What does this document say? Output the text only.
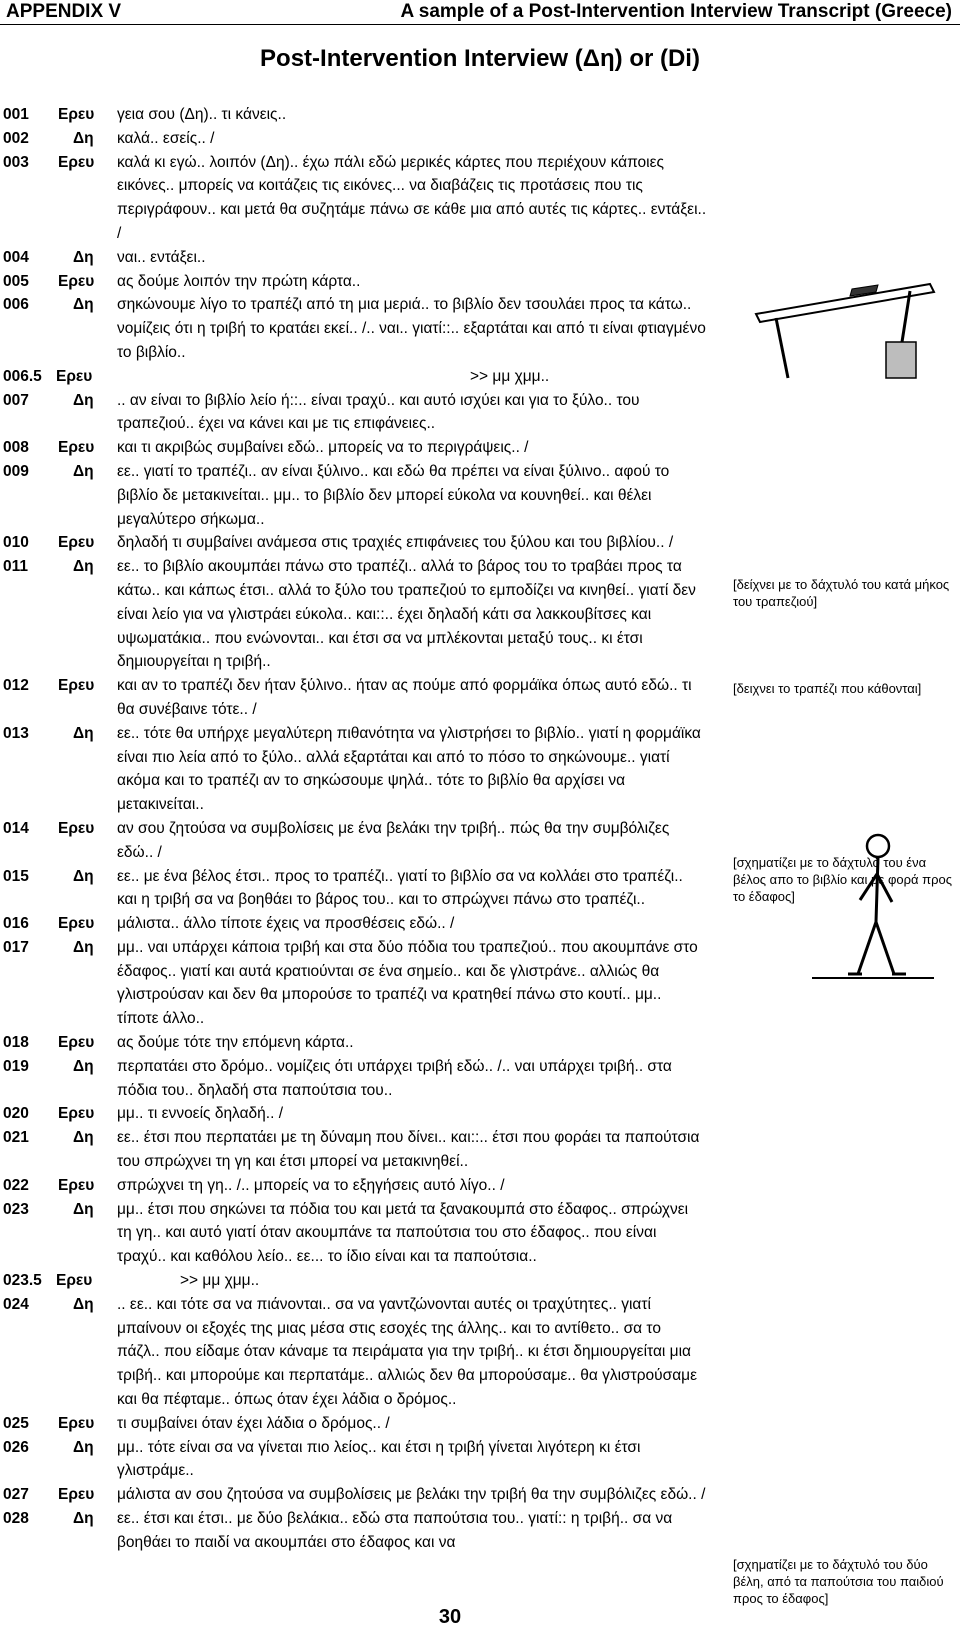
APPENDIX V	A sample of a Post-Intervention Interview Transcript (Greece)
Post-Intervention Interview (Δη) or (Di)
001 Ερευ γεια σου (Δη).. τι κάνεις..
002	Δη καλά.. εσείς.. /
003 Ερευ καλά κι εγώ.. λοιπόν (Δη).. έχω πάλι εδώ μερικές κάρτες που περιέχουν κάποιες εικόνες.. μπορείς να κοιτάζεις τις εικόνες... να διαβάζεις τις προτάσεις που τις περιγράφουν.. και μετά θα συζητάμε πάνω σε κάθε μια από αυτές τις κάρτες.. εντάξει.. /
004	Δη ναι.. εντάξει..
005 Ερευ ας δούμε λοιπόν την πρώτη κάρτα..
006	Δη σηκώνουμε λίγο το τραπέζι από τη μια μεριά.. το βιβλίο δεν τσουλάει προς τα κάτω.. νομίζεις ότι η τριβή το κρατάει εκεί.. /.. ναι.. γιατί::.. εξαρτάται και από τι είναι φτιαγμένο το βιβλίο..
006.5 Ερευ	>> μμ χμμ..
007	Δη .. αν είναι το βιβλίο λείο ή::.. είναι τραχύ.. και αυτό ισχύει και για το ξύλο.. του τραπεζιού.. έχει να κάνει και με τις επιφάνειες..
008 Ερευ και τι ακριβώς συμβαίνει εδώ.. μπορείς να το περιγράψεις.. /
009	Δη εε.. γιατί το τραπέζι.. αν είναι ξύλινο.. και εδώ θα πρέπει να είναι ξύλινο.. αφού το βιβλίο δε μετακινείται.. μμ.. το βιβλίο δεν μπορεί εύκολα να κουνηθεί.. και θέλει μεγαλύτερο σήκωμα..
010 Ερευ δηλαδή τι συμβαίνει ανάμεσα στις τραχιές επιφάνειες του ξύλου και του βιβλίου.. /
011	Δη εε.. το βιβλίο ακουμπάει πάνω στο τραπέζι.. αλλά το βάρος του το τραβάει προς τα κάτω.. και κάπως έτσι.. αλλά το ξύλο του τραπεζιού το εμποδίζει να κινηθεί.. γιατί δεν είναι λείο για να γλιστράει εύκολα.. και::.. έχει δηλαδή κάτι σα λακκουβίτσες και υψωματάκια.. που ενώνονται.. και έτσι σα να μπλέκονται μεταξύ τους.. κι έτσι δημιουργείται η τριβή..
012 Ερευ και αν το τραπέζι δεν ήταν ξύλινο.. ήταν ας πούμε από φορμάϊκα όπως αυτό εδώ.. τι θα συνέβαινε τότε.. /
013	Δη εε.. τότε θα υπήρχε μεγαλύτερη πιθανότητα να γλιστρήσει το βιβλίο.. γιατί η φορμάϊκα είναι πιο λεία από το ξύλο.. αλλά εξαρτάται και από το πόσο το σηκώνουμε.. γιατί ακόμα και το τραπέζι αν το σηκώσουμε ψηλά.. τότε το βιβλίο θα αρχίσει να μετακινείται..
014 Ερευ αν σου ζητούσα να συμβολίσεις με ένα βελάκι την τριβή.. πώς θα την συμβόλιζες εδώ.. /
015	Δη εε.. με ένα βέλος έτσι.. προς το τραπέζι.. γιατί το βιβλίο σα να κολλάει στο τραπέζι.. και η τριβή σα να βοηθάει το βάρος του.. και το σπρώχνει πάνω στο τραπέζι..
016 Ερευ μάλιστα.. άλλο τίποτε έχεις να προσθέσεις εδώ.. /
017	Δη μμ.. ναι υπάρχει κάποια τριβή και στα δύο πόδια του τραπεζιού.. που ακουμπάνε στο έδαφος.. γιατί και αυτά κρατιούνται σε ένα σημείο.. και δε γλιστράνε.. αλλιώς θα γλιστρούσαν και δεν θα μπορούσε το τραπέζι να κρατηθεί πάνω στο κουτί.. μμ.. τίποτε άλλο..
018 Ερευ ας δούμε τότε την επόμενη κάρτα..
019	Δη περπατάει στο δρόμο.. νομίζεις ότι υπάρχει τριβή εδώ.. /.. ναι υπάρχει τριβή.. στα πόδια του.. δηλαδή στα παπούτσια του..
020 Ερευ μμ.. τι εννοείς δηλαδή.. /
021	Δη εε.. έτσι που περπατάει με τη δύναμη που δίνει.. και::.. έτσι που φοράει τα παπούτσια του σπρώχνει τη γη και έτσι μπορεί να μετακινηθεί..
022 Ερευ σπρώχνει τη γη.. /.. μπορείς να το εξηγήσεις αυτό λίγο.. /
023	Δη μμ.. έτσι που σηκώνει τα πόδια του και μετά τα ξανακουμπά στο έδαφος.. σπρώχνει τη γη.. και αυτό γιατί όταν ακουμπάνε τα παπούτσια του στο έδαφος.. που είναι τραχύ.. και καθόλου λείο.. εε... το ίδιο είναι και τα παπούτσια..
023.5 Ερευ	>> μμ χμμ..
024	Δη .. εε.. και τότε σα να πιάνονται.. σα να γαντζώνονται αυτές οι τραχύτητες.. γιατί μπαίνουν οι εξοχές της μιας μέσα στις εσοχές της άλλης.. και το αντίθετο.. σα το πάζλ.. που είδαμε όταν κάναμε τα πειράματα για την τριβή.. κι έτσι δημιουργείται μια τριβή.. και μπορούμε και περπατάμε.. αλλιώς δεν θα μπορούσαμε.. θα γλιστρούσαμε και θα πέφταμε.. όπως όταν έχει λάδια ο δρόμος..
025 Ερευ τι συμβαίνει όταν έχει λάδια ο δρόμος.. /
026	Δη μμ.. τότε είναι σα να γίνεται πιο λείος.. και έτσι η τριβή γίνεται λιγότερη κι έτσι γλιστράμε..
027 Ερευ μάλιστα αν σου ζητούσα να συμβολίσεις με βελάκι την τριβή θα την συμβόλιζες εδώ.. /
028	Δη εε.. έτσι και έτσι.. με δύο βελάκια.. εδώ στα παπούτσια του.. γιατί:: η τριβή.. σα να βοηθάει το παιδί να ακουμπάει στο έδαφος και να
[δείχνει με το δάχτυλό του κατά μήκος του τραπεζιού]
[δειχνει το τραπέζι που κάθονται]
[σχηματίζει με το δάχτυλό του ένα βέλος απο το βιβλίο και με φορά προς το έδαφος]
[σχηματίζει με το δάχτυλό του δύο βέλη, από τα παπούτσια του παιδιού προς το έδαφος]
30
